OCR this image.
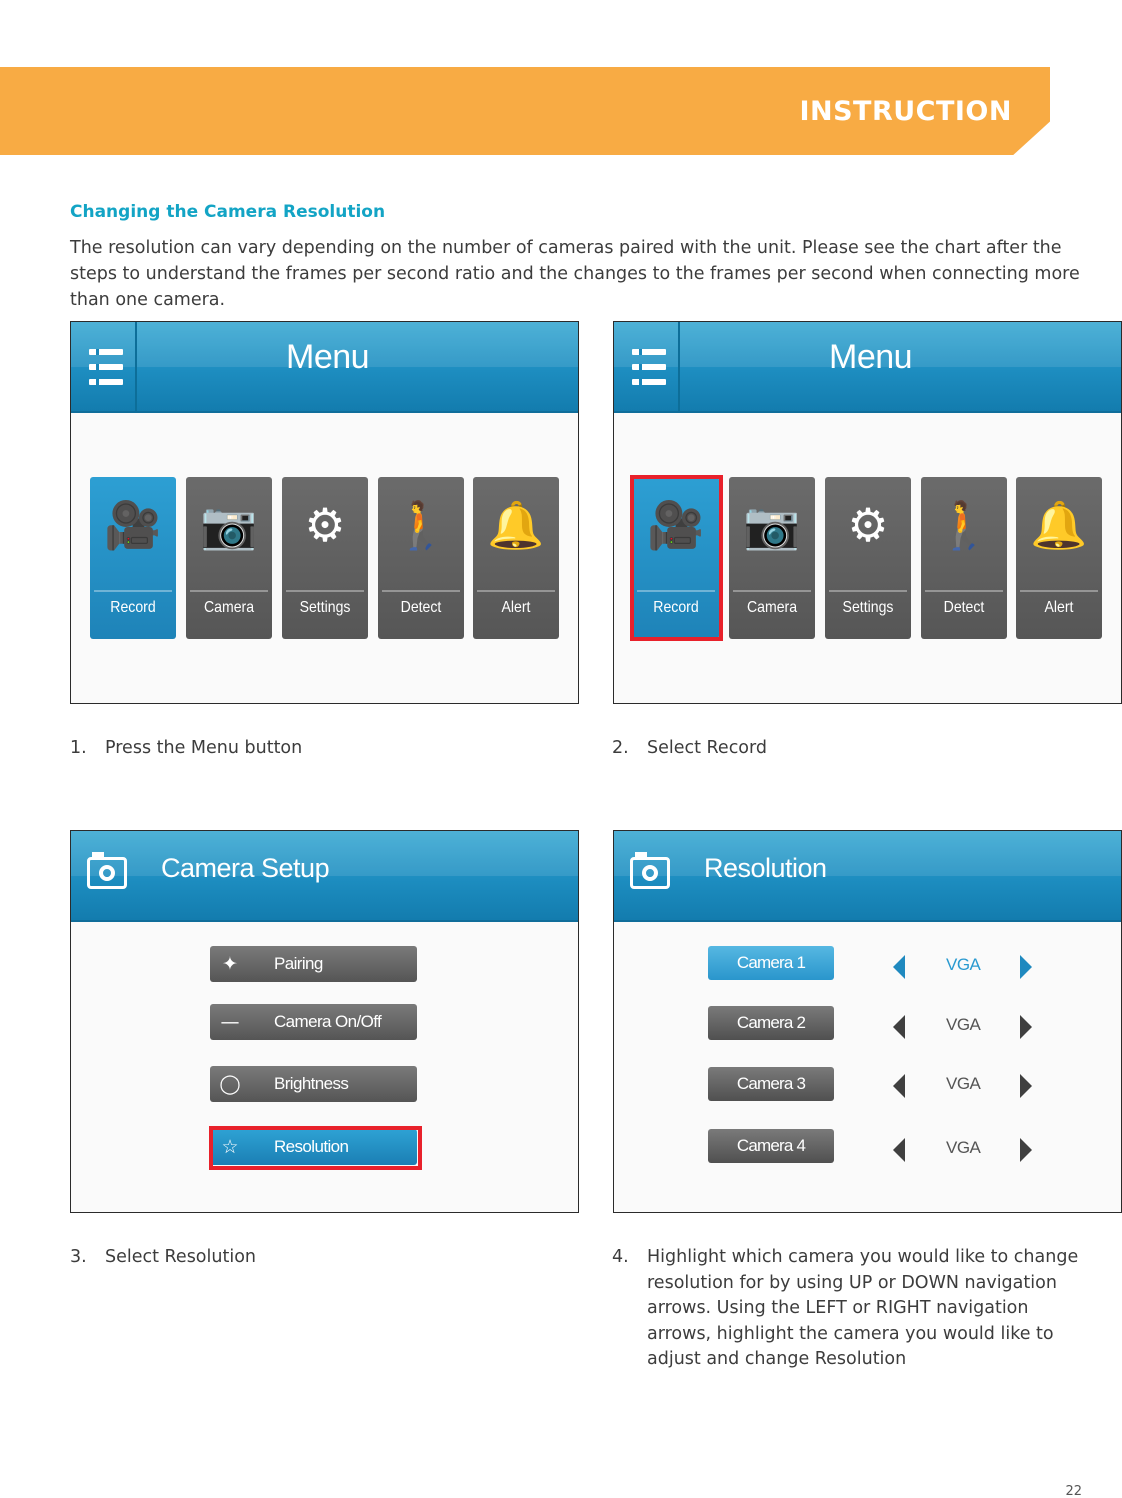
INSTRUCTION
Changing the Camera Resolution
The resolution can vary depending on the number of cameras paired with the unit. Please see the chart after the steps to understand the frames per second ratio and the changes to the frames per second when connecting more than one camera.
Menu
🎥
Record
📷
Camera
⚙
Settings
🚶
Detect
🔔
Alert
Menu
🎥
Record
📷
Camera
⚙
Settings
🚶
Detect
🔔
Alert
Camera Setup
✦ Pairing
— Camera On/Off
◯ Brightness
☆ Resolution
Resolution
Camera 1	VGA
Camera 2	VGA
Camera 3	VGA
Camera 4	VGA
1. Press the Menu button	2. Select Record
3. Select Resolution	4. Highlight which camera you would like to change resolution for by using UP or DOWN navigation arrows. Using the LEFT or RIGHT navigation arrows, highlight the camera you would like to adjust and change Resolution
22
